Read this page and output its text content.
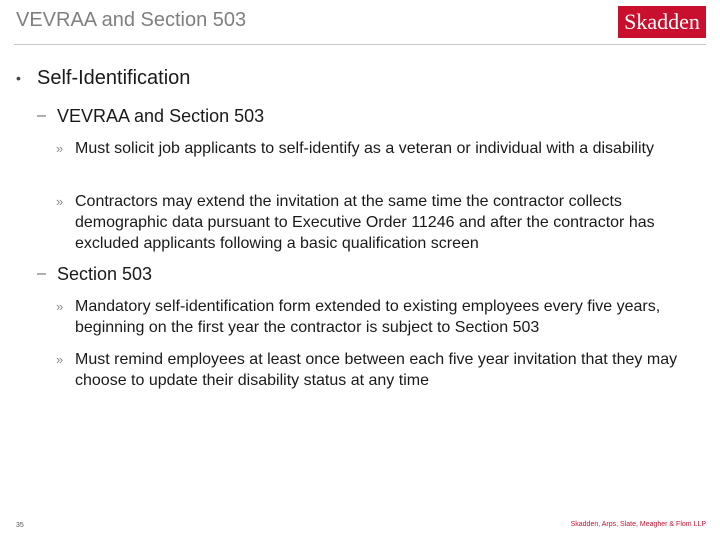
VEVRAA and Section 503	Skadden
• Self-Identification
– VEVRAA and Section 503
» Must solicit job applicants to self-identify as a veteran or individual with a disability
» Contractors may extend the invitation at the same time the contractor collects demographic data pursuant to Executive Order 11246 and after the contractor has excluded applicants following a basic qualification screen
– Section 503
» Mandatory self-identification form extended to existing employees every five years, beginning on the first year the contractor is subject to Section 503
» Must remind employees at least once between each five year invitation that they may choose to update their disability status at any time
35	Skadden, Arps, Slate, Meagher & Flom LLP
